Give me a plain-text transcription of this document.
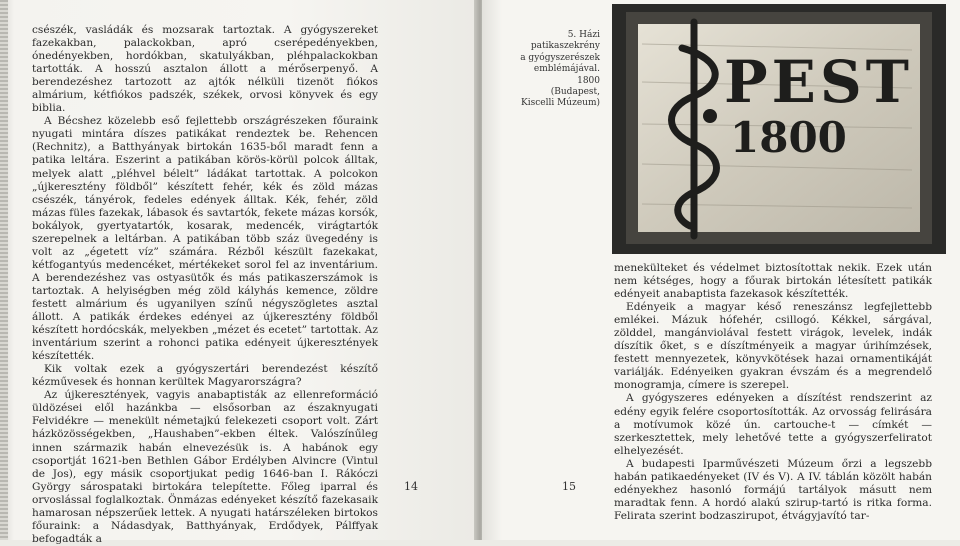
csészék, vasládák és mozsarak tartoztak. A gyógyszereket fazekakban, palackokban, apró cserépedényekben, ónedényekben, hordókban, skatulyákban, pléhpalackokban tartották. A hosszú asztalon állott a mérőserpenyő. A berendezéshez tartozott az ajtók nélküli tizenöt fiókos almárium, kétfiókos padszék, székek, orvosi könyvek és egy biblia.

A Bécshez közelebb eső fejlettebb országrészeken főuraink nyugati mintára díszes patikákat rendeztek be. Rehencen (Rechnitz), a Batthyányak birtokán 1635-ből maradt fenn a patika leltára. Eszerint a patikában körös-körül polcok álltak, melyek alatt „pléhvel bélelt” ládákat tartottak. A polcokon „újkeresztény földből” készített fehér, kék és zöld mázas csészék, tányérok, fedeles edények álltak. Kék, fehér, zöld mázas füles fazekak, lábasok és savtartók, fekete mázas korsók, bokályok, gyertyatartók, kosarak, medencék, virágtartók szerepelnek a leltárban. A patikában több száz üvegedény is volt az „égetett víz” számára. Rézből készült fazekakat, kétfogantyús medencéket, mértékeket sorol fel az inventárium. A berendezéshez vas ostyasütők és más patikaszerszámok is tartoztak. A helyiségben még zöld kályhás kemence, zöldre festett almárium és ugyanilyen színű négyszögletes asztal állott. A patikák érdekes edényei az újkeresztény földből készített hordócskák, melyekben „mézet és ecetet” tartottak. Az inventárium szerint a rohonci patika edényeit újkeresztények készítették.

Kik voltak ezek a gyógyszertári berendezést készítő kézművesek és honnan kerültek Magyarországra?

Az újkeresztények, vagyis anabaptisták az ellenreformáció üldözései elől hazánkba — elsősorban az északnyugati Felvidékre — menekült németajkú felekezeti csoport volt. Zárt házközösségekben, „Haushaben”-ekben éltek. Valószínűleg innen származik habán elnevezésük is. A habánok egy csoportját 1621-ben Bethlen Gábor Erdélyben Alvincre (Vintul de Jos), egy másik csoportjukat pedig 1646-ban I. Rákóczi György sárospataki birtokára telepítette. Főleg iparral és orvoslással foglalkoztak. Önmázas edényeket készítő fazekasaik hamarosan népszerűek lettek. A nyugati határszéleken birtokos főuraink: a Nádasdyak, Batthyányak, Erdődyek, Pálffyak befogadták a

14
5. Házi
patikaszekrény
a gyógyszerészek
emblémájával.
1800
(Budapest,
Kiscelli Múzeum) PEST
1800

menekülteket és védelmet biztosítottak nekik. Ezek után nem kétséges, hogy a főurak birtokán létesített patikák edényeit anabaptista fazekasok készítették.

Edényeik a magyar késő reneszánsz legfejlettebb emlékei. Mázuk hófehér, csillogó. Kékkel, sárgával, zölddel, mangánviolával festett virágok, levelek, indák díszítik őket, s e díszítményeik a magyar úrihímzések, festett mennyezetek, könyvkötések hazai ornamentikáját variálják. Edényeiken gyakran évszám és a megrendelő monogramja, címere is szerepel.

A gyógyszeres edényeken a díszítést rendszerint az edény egyik felére csoportosították. Az orvosság felirására a motívumok közé ún. cartouche-t — címkét — szerkesztettek, mely lehetővé tette a gyógyszerfeliratot elhelyezését.

A budapesti Iparművészeti Múzeum őrzi a legszebb habán patikaedényeket (IV és V). A IV. táblán közölt habán edényekhez hasonló formájú tartályok másutt nem maradtak fenn. A hordó alakú szirup-tartó is ritka forma. Felirata szerint bodzaszirupot, étvágyjavító tar-

15
